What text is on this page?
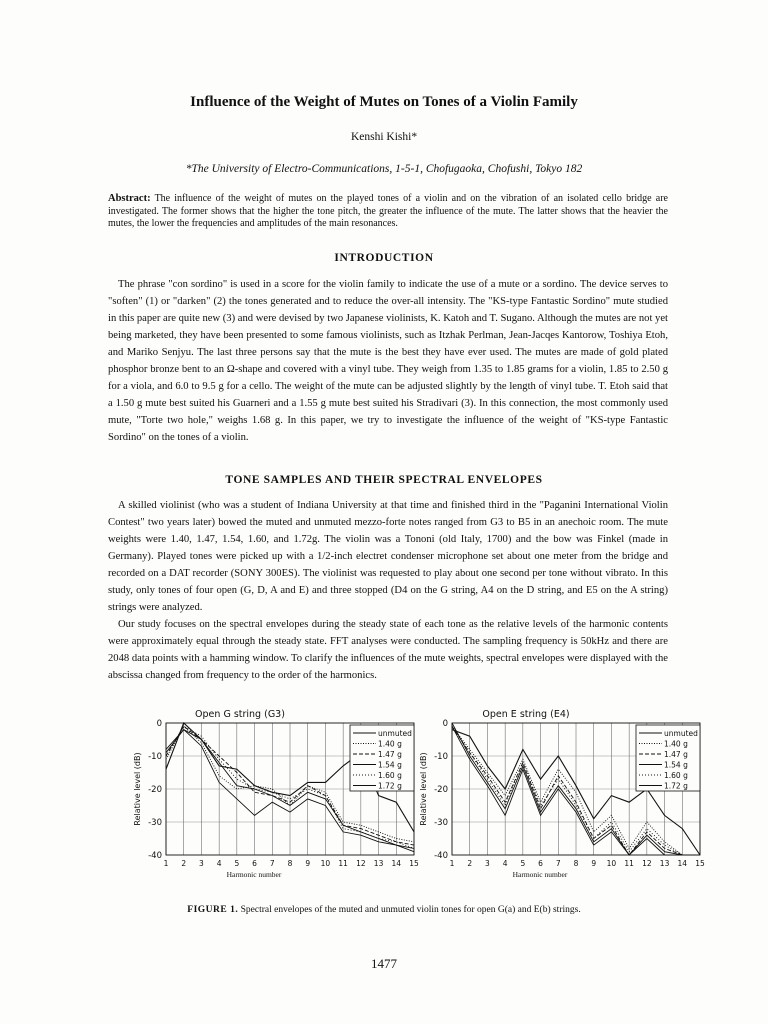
Influence of the Weight of Mutes on Tones of a Violin Family
Kenshi Kishi*
*The University of Electro-Communications, 1-5-1, Chofugaoka, Chofushi, Tokyo 182
Abstract: The influence of the weight of mutes on the played tones of a violin and on the vibration of an isolated cello bridge are investigated. The former shows that the higher the tone pitch, the greater the influence of the mute. The latter shows that the heavier the mutes, the lower the frequencies and amplitudes of the main resonances.
INTRODUCTION

The phrase "con sordino" is used in a score for the violin family to indicate the use of a mute or a sordino. The device serves to "soften" (1) or "darken" (2) the tones generated and to reduce the over-all intensity. The "KS-type Fantastic Sordino" mute studied in this paper are quite new (3) and were devised by two Japanese violinists, K. Katoh and T. Sugano. Although the mutes are not yet being marketed, they have been presented to some famous violinists, such as Itzhak Perlman, Jean-Jacqes Kantorow, Toshiya Etoh, and Mariko Senjyu. The last three persons say that the mute is the best they have ever used. The mutes are made of gold plated phosphor bronze bent to an Ω-shape and covered with a vinyl tube. They weigh from 1.35 to 1.85 grams for a violin, 1.85 to 2.50 g for a viola, and 6.0 to 9.5 g for a cello. The weight of the mute can be adjusted slightly by the length of vinyl tube. T. Etoh said that a 1.50 g mute best suited his Guarneri and a 1.55 g mute best suited his Stradivari (3). In this connection, the most commonly used mute, "Torte two hole," weighs 1.68 g. In this paper, we try to investigate the influence of the weight of "KS-type Fantastic Sordino" on the tones of a violin.

TONE SAMPLES AND THEIR SPECTRAL ENVELOPES

A skilled violinist (who was a student of Indiana University at that time and finished third in the "Paganini International Violin Contest" two years later) bowed the muted and unmuted mezzo-forte notes ranged from G3 to B5 in an anechoic room. The mute weights were 1.40, 1.47, 1.54, 1.60, and 1.72g. The violin was a Tononi (old Italy, 1700) and the bow was Finkel (made in Germany). Played tones were picked up with a 1/2-inch electret condenser microphone set about one meter from the bridge and recorded on a DAT recorder (SONY 300ES). The violinist was requested to play about one second per tone without vibrato. In this study, only tones of four open (G, D, A and E) and three stopped (D4 on the G string, A4 on the D string, and E5 on the A string) strings were analyzed.

Our study focuses on the spectral envelopes during the steady state of each tone as the relative levels of the harmonic contents were approximately equal through the steady state. FFT analyses were conducted. The sampling frequency is 50kHz and there are 2048 data points with a hamming window. To clarify the influences of the mute weights, spectral envelopes were displayed with the abscissa changed from frequency to the order of the harmonics.

Open G string (G3)
0
-10
-20
-30
-40
1 2 3 4 5 6 7 8 9 10 11 12 13 14 15
Harmonic number
Relative level (dB)
unmuted
1.40 g
1.47 g
1.54 g
1.60 g
1.72 g
Open E string (E4)
0
-10
-20
-30
-40
1 2 3 4 5 6 7 8 9 10 11 12 13 14 15
Harmonic number
Relative level (dB)
unmuted
1.40 g
1.47 g
1.54 g
1.60 g
1.72 g
FIGURE 1. Spectral envelopes of the muted and unmuted violin tones for open G(a) and E(b) strings.
1477
